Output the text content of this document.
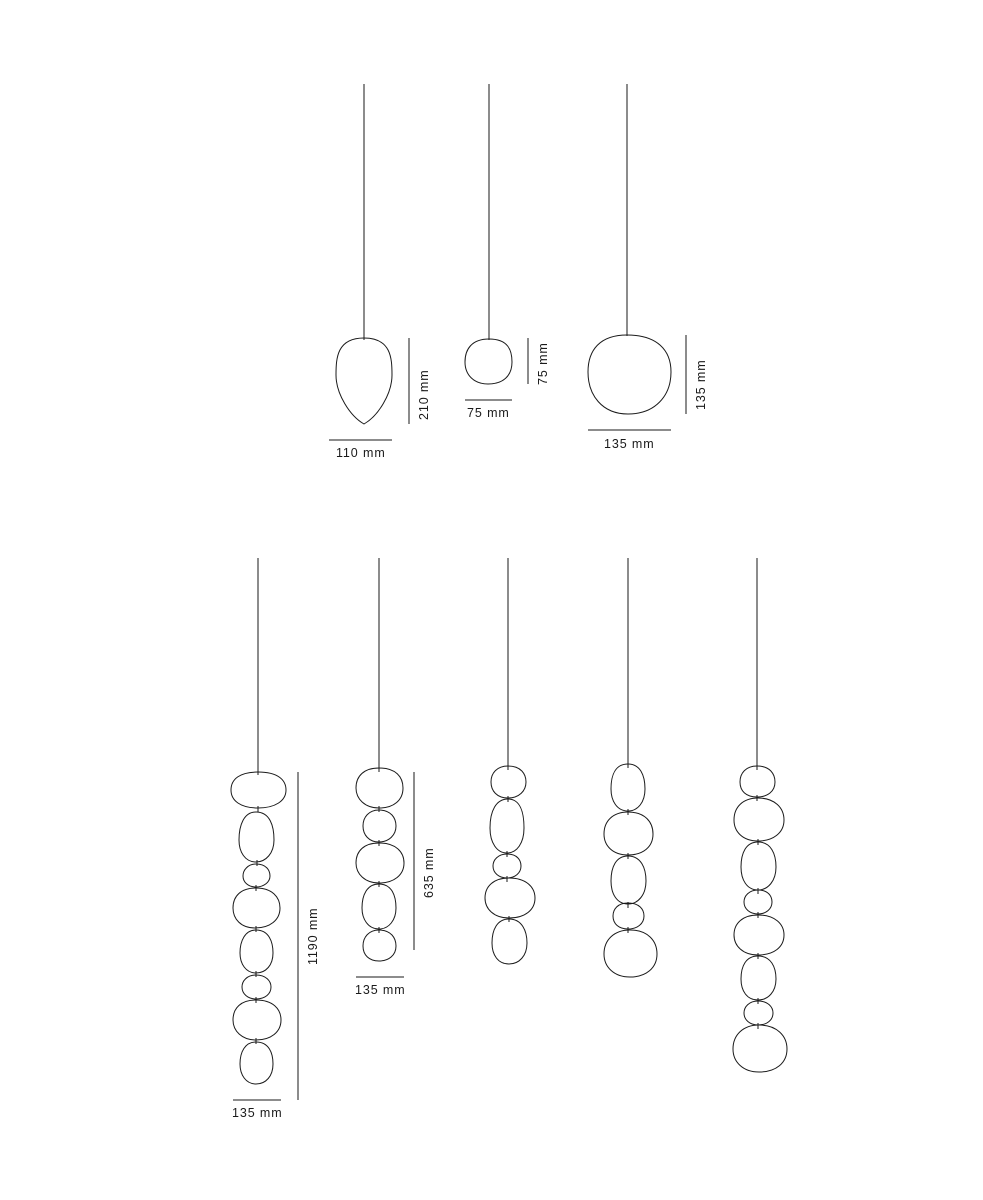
110 mm
210 mm	75 mm
75 mm
135 mm
135 mm
135 mm
1190 mm
135 mm
635 mm
